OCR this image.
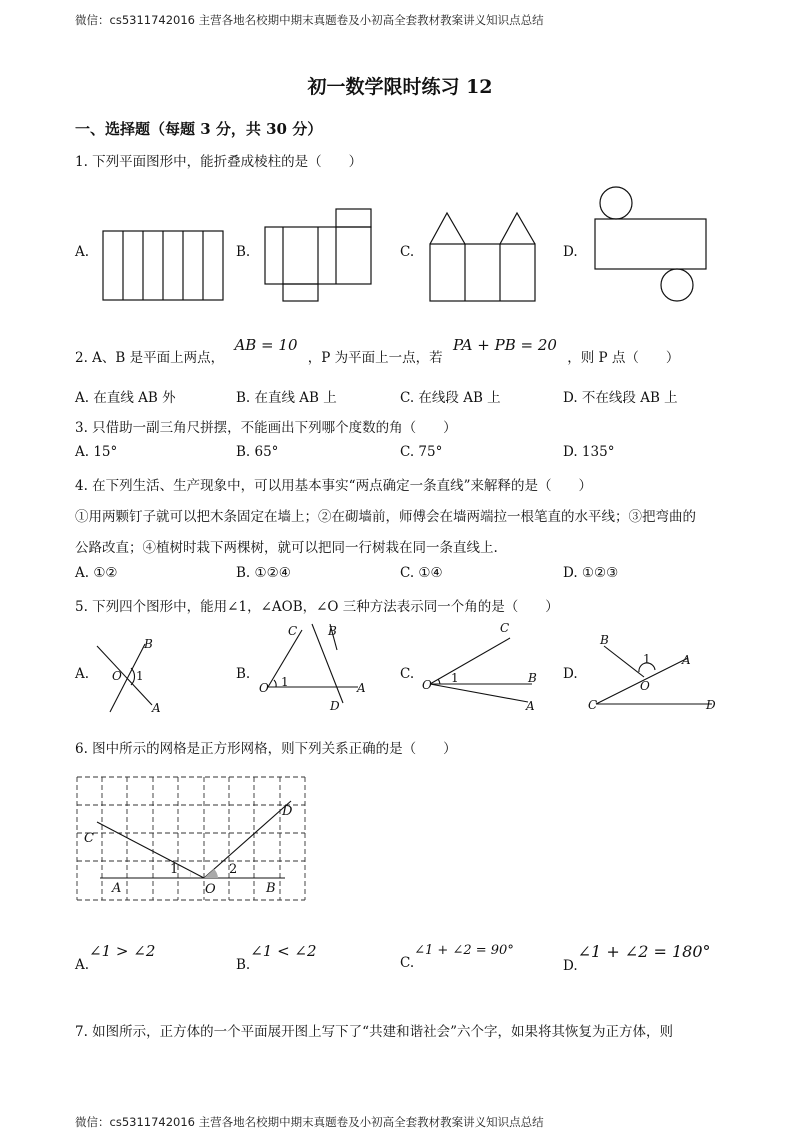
微信：cs5311742016 主营各地名校期中期末真题卷及小初高全套教材教案讲义知识点总结
初一数学限时练习 12
一、选择题（每题 3 分，共 30 分）
1. 下列平面图形中，能折叠成棱柱的是（　　）
A.	B.	C.	D.
2. A、B 是平面上两点， AB = 10 ，P 为平面上一点，若 PA + PB = 20 ，则 P 点（　　）
A. 在直线 AB 外	B. 在直线 AB 上	C. 在线段 AB 上	D. 不在线段 AB 上
3. 只借助一副三角尺拼摆，不能画出下列哪个度数的角（　　）
A. 15°	B. 65°	C. 75°	D. 135°
4. 在下列生活、生产现象中，可以用基本事实“两点确定一条直线”来解释的是（　　）
①用两颗钉子就可以把木条固定在墙上；②在砌墙前，师傅会在墙两端拉一根笔直的水平线；③把弯曲的
公路改直；④植树时栽下两棵树，就可以把同一行树栽在同一条直线上.
A. ①②	B. ①②④	C. ①④	D. ①②③
5. 下列四个图形中，能用∠1，∠AOB，∠O 三种方法表示同一个角的是（　　）
A.	B.	C.	D.
B
O 1
A
C	B
O 1	A
D
C
O 1	B
A
B
1	A
O
C	D
6. 图中所示的网格是正方形网格，则下列关系正确的是（　　）
D
C
1	2
A	O	B
A.∠1 > ∠2
B.∠1 < ∠2
C.∠1 + ∠2 = 90°
D.∠1 + ∠2 = 180°
7. 如图所示，正方体的一个平面展开图上写下了“共建和谐社会”六个字，如果将其恢复为正方体，则
微信：cs5311742016 主营各地名校期中期末真题卷及小初高全套教材教案讲义知识点总结
